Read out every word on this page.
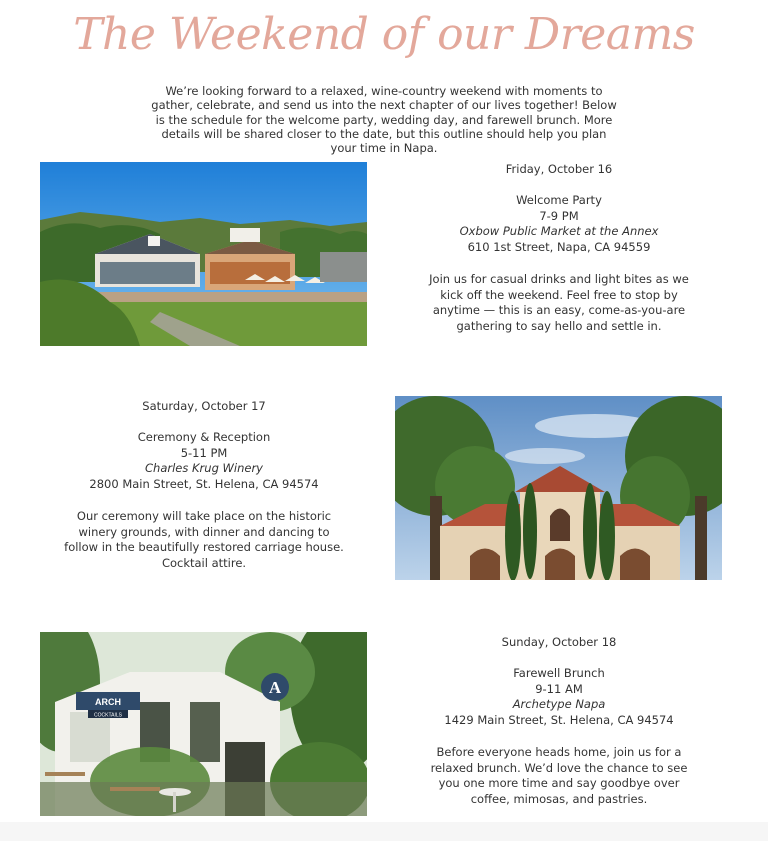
The Weekend of our Dreams

We’re looking forward to a relaxed, wine-country weekend with moments to gather, celebrate, and send us into the next chapter of our lives together! Below is the schedule for the welcome party, wedding day, and farewell brunch. More details will be shared closer to the date, but this outline should help you plan your time in Napa.

Friday, October 16
Welcome Party
7-9 PM
Oxbow Public Market at the Annex
610 1st Street, Napa, CA 94559
Join us for casual drinks and light bites as we kick off the weekend. Feel free to stop by anytime — this is an easy, come-as-you-are gathering to say hello and settle in.
Saturday, October 17
Ceremony & Reception
5-11 PM
Charles Krug Winery
2800 Main Street, St. Helena, CA 94574
Our ceremony will take place on the historic winery grounds, with dinner and dancing to follow in the beautifully restored carriage house. Cocktail attire.
ARCH
COCKTAILS
A
Sunday, October 18
Farewell Brunch
9-11 AM
Archetype Napa
1429 Main Street, St. Helena, CA 94574
Before everyone heads home, join us for a relaxed brunch. We’d love the chance to see you one more time and say goodbye over coffee, mimosas, and pastries.
